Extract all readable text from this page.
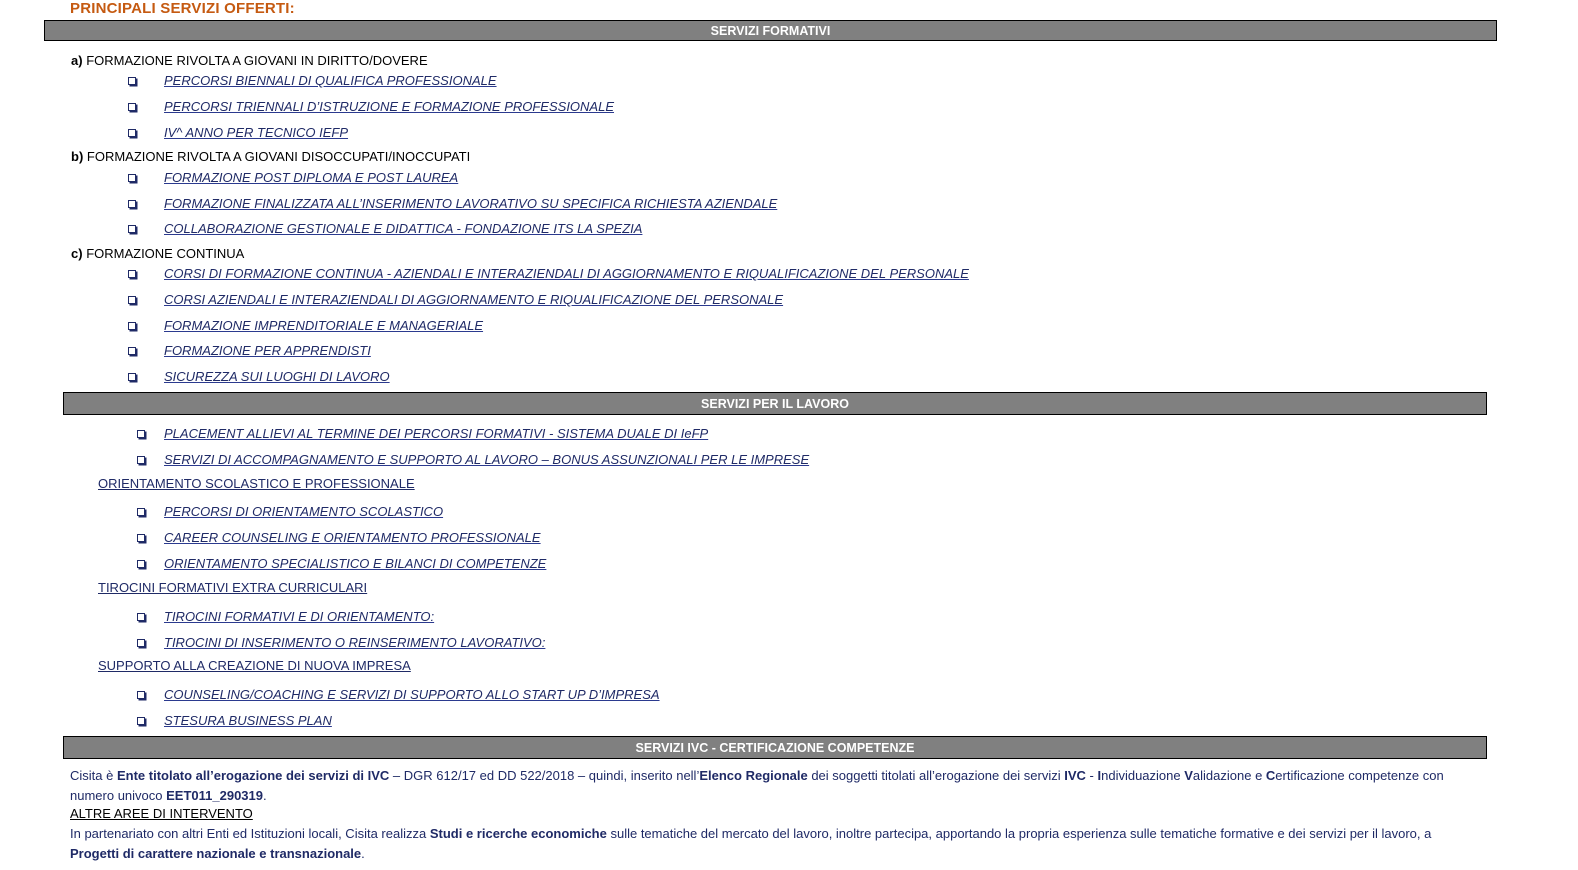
PRINCIPALI SERVIZI OFFERTI:
SERVIZI FORMATIVI
a) FORMAZIONE RIVOLTA A GIOVANI IN DIRITTO/DOVERE
PERCORSI BIENNALI DI QUALIFICA PROFESSIONALE
PERCORSI TRIENNALI D’ISTRUZIONE E FORMAZIONE PROFESSIONALE
IV^ ANNO PER TECNICO IEFP
b) FORMAZIONE RIVOLTA A GIOVANI DISOCCUPATI/INOCCUPATI
FORMAZIONE POST DIPLOMA E POST LAUREA
FORMAZIONE FINALIZZATA ALL’INSERIMENTO LAVORATIVO SU SPECIFICA RICHIESTA AZIENDALE
COLLABORAZIONE GESTIONALE E DIDATTICA - FONDAZIONE ITS LA SPEZIA
c) FORMAZIONE CONTINUA
CORSI DI FORMAZIONE CONTINUA - AZIENDALI E INTERAZIENDALI DI AGGIORNAMENTO E RIQUALIFICAZIONE DEL PERSONALE
CORSI AZIENDALI E INTERAZIENDALI DI AGGIORNAMENTO E RIQUALIFICAZIONE DEL PERSONALE
FORMAZIONE IMPRENDITORIALE E MANAGERIALE
FORMAZIONE PER APPRENDISTI
SICUREZZA SUI LUOGHI DI LAVORO
SERVIZI PER IL LAVORO
PLACEMENT ALLIEVI AL TERMINE DEI PERCORSI FORMATIVI - SISTEMA DUALE DI IeFP
SERVIZI DI ACCOMPAGNAMENTO E SUPPORTO AL LAVORO – BONUS ASSUNZIONALI PER LE IMPRESE
ORIENTAMENTO SCOLASTICO E PROFESSIONALE
PERCORSI DI ORIENTAMENTO SCOLASTICO
CAREER COUNSELING E ORIENTAMENTO PROFESSIONALE
ORIENTAMENTO SPECIALISTICO E BILANCI DI COMPETENZE
TIROCINI FORMATIVI EXTRA CURRICULARI
TIROCINI FORMATIVI E DI ORIENTAMENTO:
TIROCINI DI INSERIMENTO O REINSERIMENTO LAVORATIVO:
SUPPORTO ALLA CREAZIONE DI NUOVA IMPRESA
COUNSELING/COACHING E SERVIZI DI SUPPORTO ALLO START UP D’IMPRESA
STESURA BUSINESS PLAN
SERVIZI IVC - CERTIFICAZIONE COMPETENZE
Cisita è Ente titolato all’erogazione dei servizi di IVC – DGR 612/17 ed DD 522/2018 – quindi, inserito nell’Elenco Regionale dei soggetti titolati all’erogazione dei servizi IVC - Individuazione Validazione e Certificazione competenze con numero univoco EET011_290319.
ALTRE AREE DI INTERVENTO
In partenariato con altri Enti ed Istituzioni locali, Cisita realizza Studi e ricerche economiche sulle tematiche del mercato del lavoro, inoltre partecipa, apportando la propria esperienza sulle tematiche formative e dei servizi per il lavoro, a Progetti di carattere nazionale e transnazionale.
